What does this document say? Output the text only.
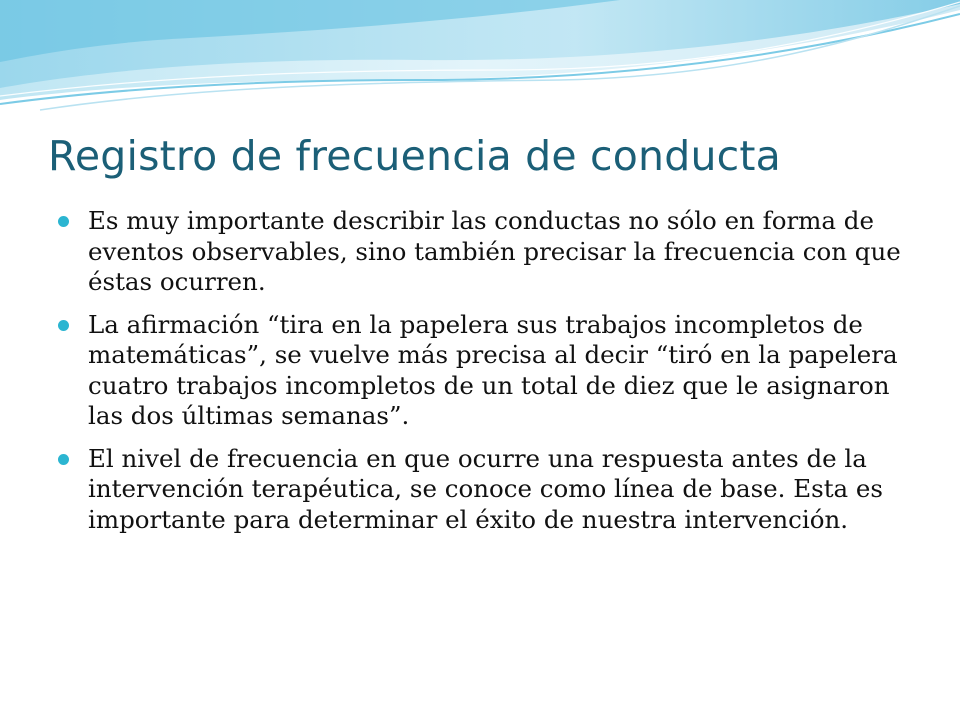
Registro de frecuencia de conducta
Es muy importante describir las conductas no sólo en forma de eventos observables, sino también precisar la frecuencia con que éstas ocurren.
La afirmación “tira en la papelera sus trabajos incompletos de matemáticas”, se vuelve más precisa al decir “tiró en la papelera cuatro trabajos incompletos de un total de diez que le asignaron las dos últimas semanas”.
El nivel de frecuencia en que ocurre una respuesta antes de la intervención terapéutica, se conoce como línea de base. Esta es importante para determinar el éxito de nuestra intervención.
